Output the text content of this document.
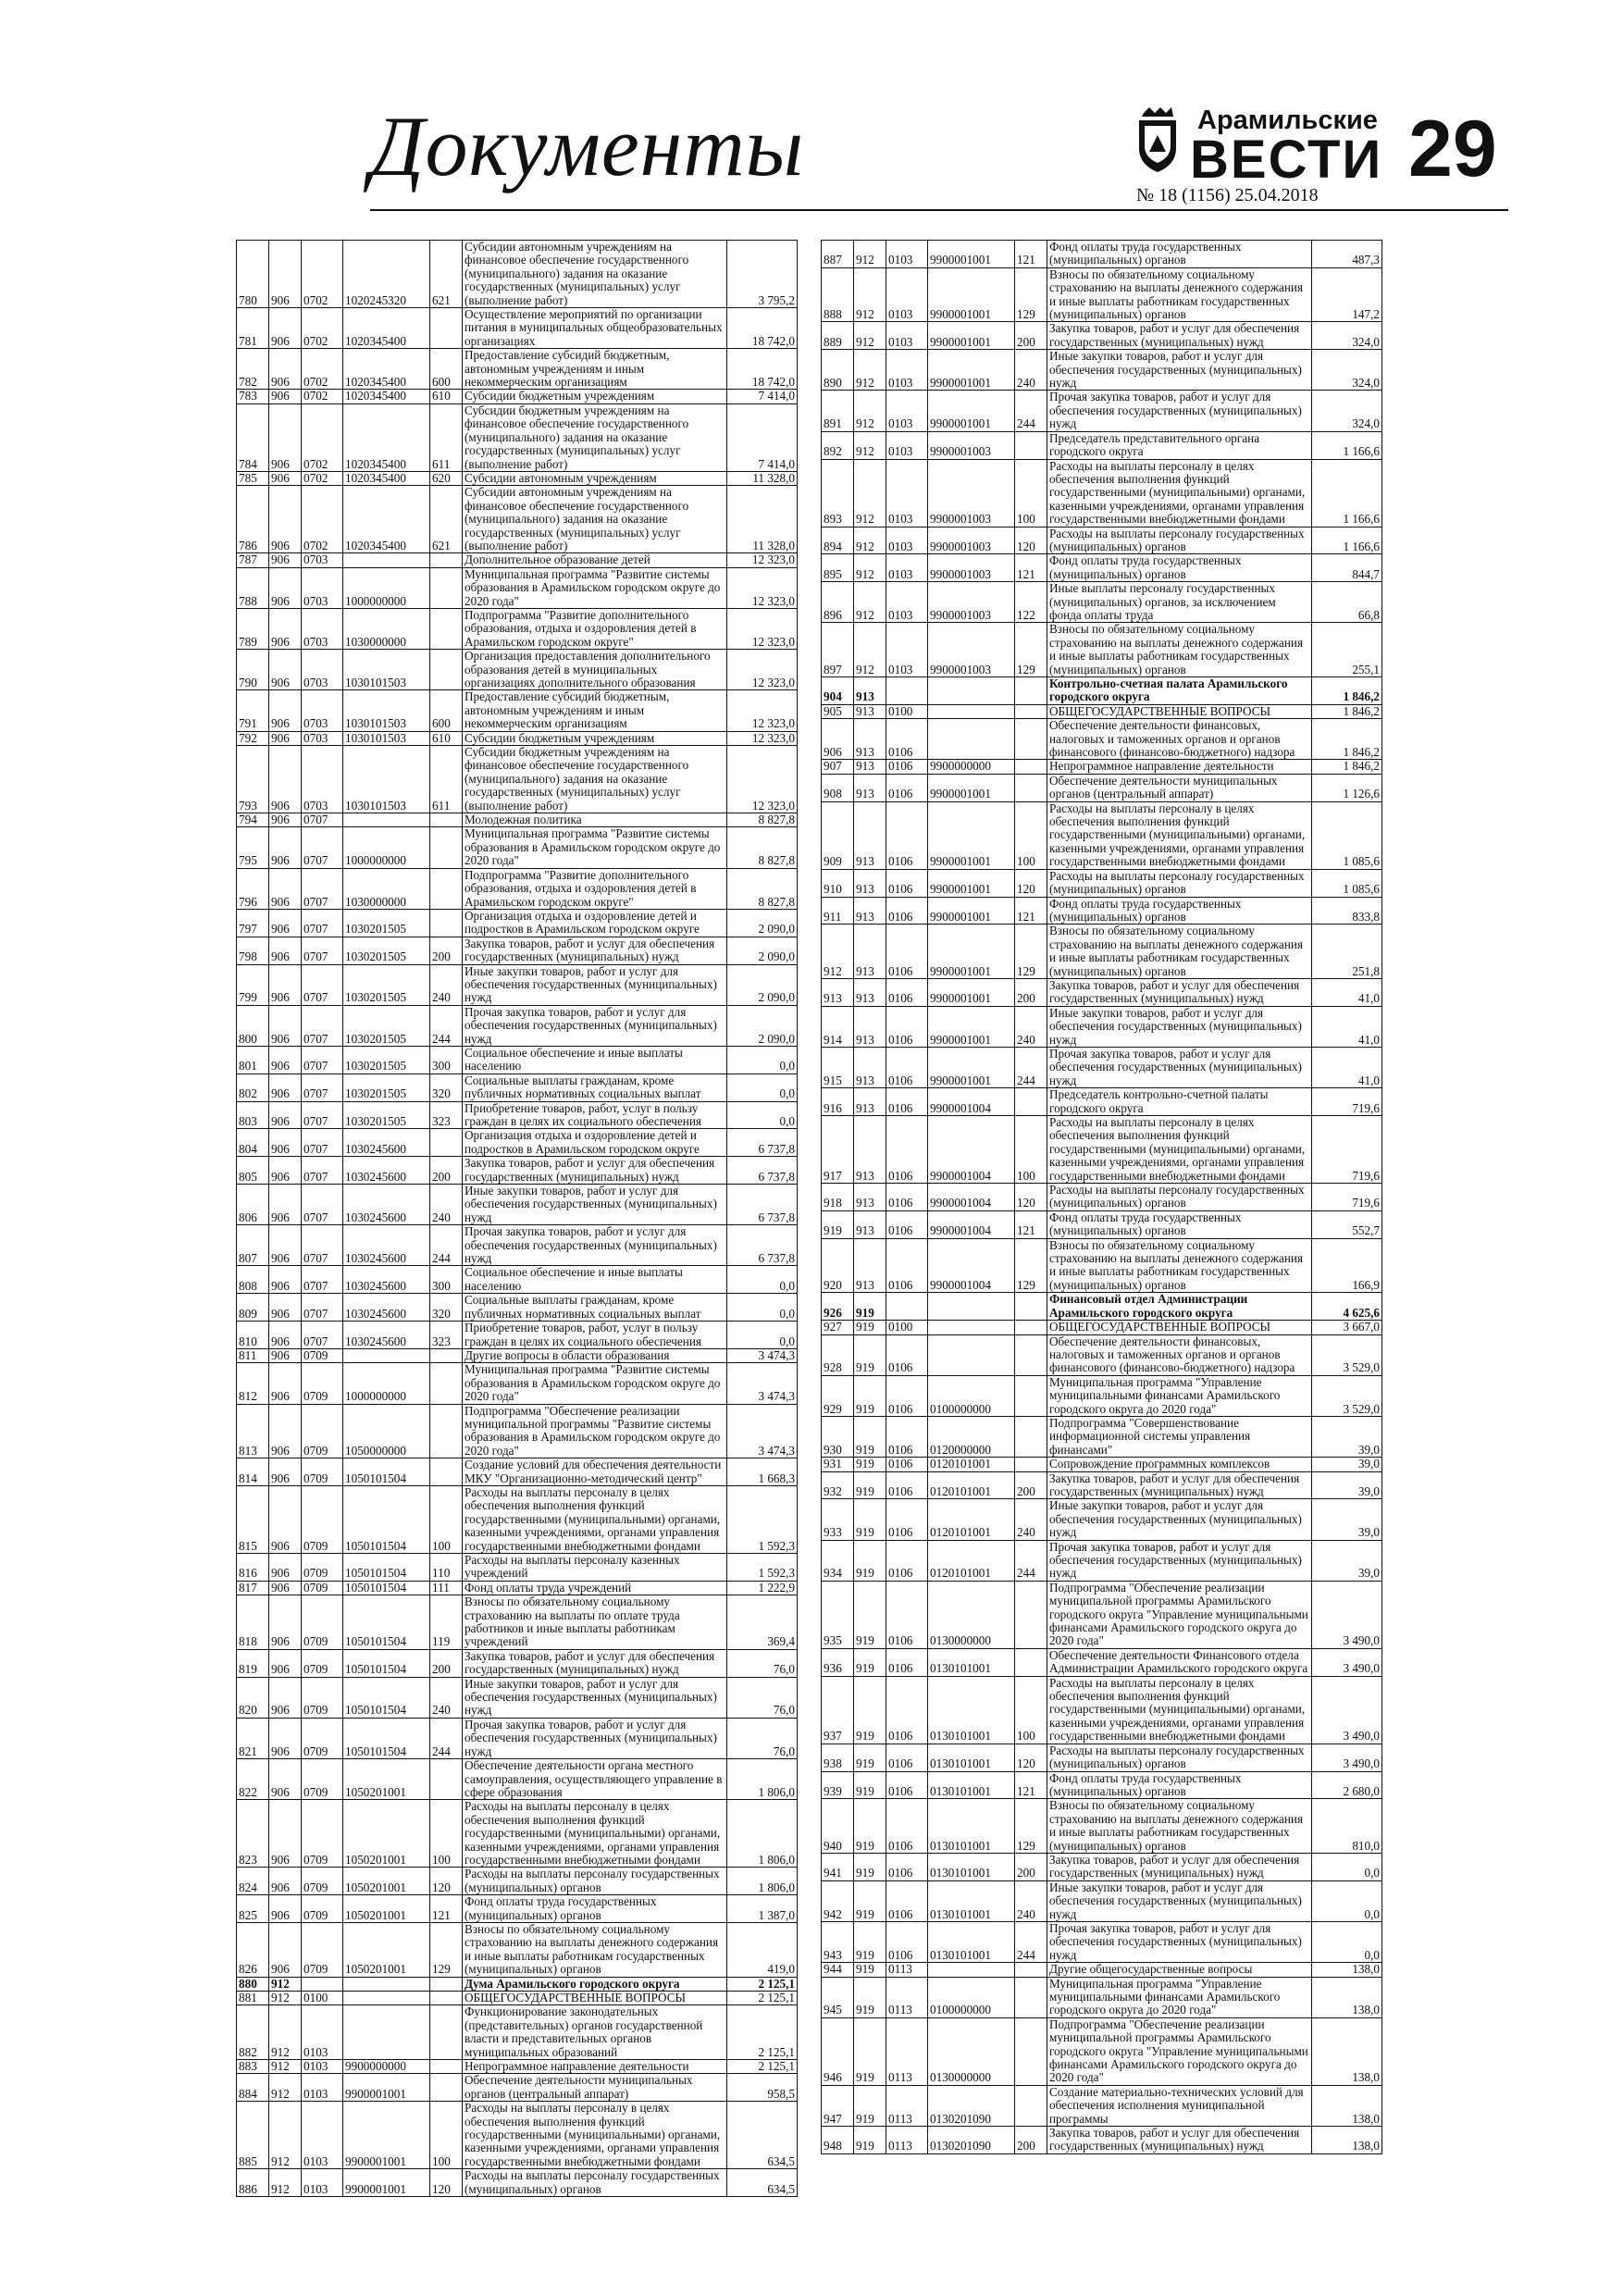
Документы	Арамильские
ВЕСТИ 29
№ 18 (1156) 25.04.2018
780	906	0702	1020245320	621	Субсидии автономным учреждениям на финансовое обеспечение государственного (муниципального) задания на оказание государственных (муниципальных) услуг (выполнение работ)	3 795,2
781	906	0702	1020345400		Осуществление мероприятий по организации питания в муниципальных общеобразовательных организациях	18 742,0
782	906	0702	1020345400	600	Предоставление субсидий бюджетным, автономным учреждениям и иным некоммерческим организациям	18 742,0
783	906	0702	1020345400	610	Субсидии бюджетным учреждениям	7 414,0
784	906	0702	1020345400	611	Субсидии бюджетным учреждениям на финансовое обеспечение государственного (муниципального) задания на оказание государственных (муниципальных) услуг (выполнение работ)	7 414,0
785	906	0702	1020345400	620	Субсидии автономным учреждениям	11 328,0
786	906	0702	1020345400	621	Субсидии автономным учреждениям на финансовое обеспечение государственного (муниципального) задания на оказание государственных (муниципальных) услуг (выполнение работ)	11 328,0
787	906	0703			Дополнительное образование детей	12 323,0
788	906	0703	1000000000		Муниципальная программа "Развитие системы образования в Арамильском городском округе до 2020 года"	12 323,0
789	906	0703	1030000000		Подпрограмма "Развитие дополнительного образования, отдыха и оздоровления детей в Арамильском городском округе"	12 323,0
790	906	0703	1030101503		Организация предоставления дополнительного образования детей в муниципальных организациях дополнительного образования	12 323,0
791	906	0703	1030101503	600	Предоставление субсидий бюджетным, автономным учреждениям и иным некоммерческим организациям	12 323,0
792	906	0703	1030101503	610	Субсидии бюджетным учреждениям	12 323,0
793	906	0703	1030101503	611	Субсидии бюджетным учреждениям на финансовое обеспечение государственного (муниципального) задания на оказание государственных (муниципальных) услуг (выполнение работ)	12 323,0
794	906	0707			Молодежная политика	8 827,8
795	906	0707	1000000000		Муниципальная программа "Развитие системы образования в Арамильском городском округе до 2020 года"	8 827,8
796	906	0707	1030000000		Подпрограмма "Развитие дополнительного образования, отдыха и оздоровления детей в Арамильском городском округе"	8 827,8
797	906	0707	1030201505		Организация отдыха и оздоровление детей и подростков в Арамильском городском округе	2 090,0
798	906	0707	1030201505	200	Закупка товаров, работ и услуг для обеспечения государственных (муниципальных) нужд	2 090,0
799	906	0707	1030201505	240	Иные закупки товаров, работ и услуг для обеспечения государственных (муниципальных) нужд	2 090,0
800	906	0707	1030201505	244	Прочая закупка товаров, работ и услуг для обеспечения государственных (муниципальных) нужд	2 090,0
801	906	0707	1030201505	300	Социальное обеспечение и иные выплаты населению	0,0
802	906	0707	1030201505	320	Социальные выплаты гражданам, кроме публичных нормативных социальных выплат	0,0
803	906	0707	1030201505	323	Приобретение товаров, работ, услуг в пользу граждан в целях их социального обеспечения	0,0
804	906	0707	1030245600		Организация отдыха и оздоровление детей и подростков в Арамильском городском округе	6 737,8
805	906	0707	1030245600	200	Закупка товаров, работ и услуг для обеспечения государственных (муниципальных) нужд	6 737,8
806	906	0707	1030245600	240	Иные закупки товаров, работ и услуг для обеспечения государственных (муниципальных) нужд	6 737,8
807	906	0707	1030245600	244	Прочая закупка товаров, работ и услуг для обеспечения государственных (муниципальных) нужд	6 737,8
808	906	0707	1030245600	300	Социальное обеспечение и иные выплаты населению	0,0
809	906	0707	1030245600	320	Социальные выплаты гражданам, кроме публичных нормативных социальных выплат	0,0
810	906	0707	1030245600	323	Приобретение товаров, работ, услуг в пользу граждан в целях их социального обеспечения	0,0
811	906	0709			Другие вопросы в области образования	3 474,3
812	906	0709	1000000000		Муниципальная программа "Развитие системы образования в Арамильском городском округе до 2020 года"	3 474,3
813	906	0709	1050000000		Подпрограмма "Обеспечение реализации муниципальной программы "Развитие системы образования в Арамильском городском округе до 2020 года"	3 474,3
814	906	0709	1050101504		Создание условий для обеспечения деятельности МКУ "Организационно-методический центр"	1 668,3
815	906	0709	1050101504	100	Расходы на выплаты персоналу в целях обеспечения выполнения функций государственными (муниципальными) органами, казенными учреждениями, органами управления государственными внебюджетными фондами	1 592,3
816	906	0709	1050101504	110	Расходы на выплаты персоналу казенных учреждений	1 592,3
817	906	0709	1050101504	111	Фонд оплаты труда учреждений	1 222,9
818	906	0709	1050101504	119	Взносы по обязательному социальному страхованию на выплаты по оплате труда работников и иные выплаты работникам учреждений	369,4
819	906	0709	1050101504	200	Закупка товаров, работ и услуг для обеспечения государственных (муниципальных) нужд	76,0
820	906	0709	1050101504	240	Иные закупки товаров, работ и услуг для обеспечения государственных (муниципальных) нужд	76,0
821	906	0709	1050101504	244	Прочая закупка товаров, работ и услуг для обеспечения государственных (муниципальных) нужд	76,0
822	906	0709	1050201001		Обеспечение деятельности органа местного самоуправления, осуществляющего управление в сфере образования	1 806,0
823	906	0709	1050201001	100	Расходы на выплаты персоналу в целях обеспечения выполнения функций государственными (муниципальными) органами, казенными учреждениями, органами управления государственными внебюджетными фондами	1 806,0
824	906	0709	1050201001	120	Расходы на выплаты персоналу государственных (муниципальных) органов	1 806,0
825	906	0709	1050201001	121	Фонд оплаты труда государственных (муниципальных) органов	1 387,0
826	906	0709	1050201001	129	Взносы по обязательному социальному страхованию на выплаты денежного содержания и иные выплаты работникам государственных (муниципальных) органов	419,0
880	912				Дума Арамильского городского округа	2 125,1
881	912	0100			ОБЩЕГОСУДАРСТВЕННЫЕ ВОПРОСЫ	2 125,1
882	912	0103			Функционирование законодательных (представительных) органов государственной власти и представительных органов муниципальных образований	2 125,1
883	912	0103	9900000000		Непрограммное направление деятельности	2 125,1
884	912	0103	9900001001		Обеспечение деятельности муниципальных органов (центральный аппарат)	958,5
885	912	0103	9900001001	100	Расходы на выплаты персоналу в целях обеспечения выполнения функций государственными (муниципальными) органами, казенными учреждениями, органами управления государственными внебюджетными фондами	634,5
886	912	0103	9900001001	120	Расходы на выплаты персоналу государственных (муниципальных) органов	634,5
887	912	0103	9900001001	121	Фонд оплаты труда государственных (муниципальных) органов	487,3
888	912	0103	9900001001	129	Взносы по обязательному социальному страхованию на выплаты денежного содержания и иные выплаты работникам государственных (муниципальных) органов	147,2
889	912	0103	9900001001	200	Закупка товаров, работ и услуг для обеспечения государственных (муниципальных) нужд	324,0
890	912	0103	9900001001	240	Иные закупки товаров, работ и услуг для обеспечения государственных (муниципальных) нужд	324,0
891	912	0103	9900001001	244	Прочая закупка товаров, работ и услуг для обеспечения государственных (муниципальных) нужд	324,0
892	912	0103	9900001003		Председатель представительного органа городского округа	1 166,6
893	912	0103	9900001003	100	Расходы на выплаты персоналу в целях обеспечения выполнения функций государственными (муниципальными) органами, казенными учреждениями, органами управления государственными внебюджетными фондами	1 166,6
894	912	0103	9900001003	120	Расходы на выплаты персоналу государственных (муниципальных) органов	1 166,6
895	912	0103	9900001003	121	Фонд оплаты труда государственных (муниципальных) органов	844,7
896	912	0103	9900001003	122	Иные выплаты персоналу государственных (муниципальных) органов, за исключением фонда оплаты труда	66,8
897	912	0103	9900001003	129	Взносы по обязательному социальному страхованию на выплаты денежного содержания и иные выплаты работникам государственных (муниципальных) органов	255,1
904	913				Контрольно-счетная палата Арамильского городского округа	1 846,2
905	913	0100			ОБЩЕГОСУДАРСТВЕННЫЕ ВОПРОСЫ	1 846,2
906	913	0106			Обеспечение деятельности финансовых, налоговых и таможенных органов и органов финансового (финансово-бюджетного) надзора	1 846,2
907	913	0106	9900000000		Непрограммное направление деятельности	1 846,2
908	913	0106	9900001001		Обеспечение деятельности муниципальных органов (центральный аппарат)	1 126,6
909	913	0106	9900001001	100	Расходы на выплаты персоналу в целях обеспечения выполнения функций государственными (муниципальными) органами, казенными учреждениями, органами управления государственными внебюджетными фондами	1 085,6
910	913	0106	9900001001	120	Расходы на выплаты персоналу государственных (муниципальных) органов	1 085,6
911	913	0106	9900001001	121	Фонд оплаты труда государственных (муниципальных) органов	833,8
912	913	0106	9900001001	129	Взносы по обязательному социальному страхованию на выплаты денежного содержания и иные выплаты работникам государственных (муниципальных) органов	251,8
913	913	0106	9900001001	200	Закупка товаров, работ и услуг для обеспечения государственных (муниципальных) нужд	41,0
914	913	0106	9900001001	240	Иные закупки товаров, работ и услуг для обеспечения государственных (муниципальных) нужд	41,0
915	913	0106	9900001001	244	Прочая закупка товаров, работ и услуг для обеспечения государственных (муниципальных) нужд	41,0
916	913	0106	9900001004		Председатель контрольно-счетной палаты городского округа	719,6
917	913	0106	9900001004	100	Расходы на выплаты персоналу в целях обеспечения выполнения функций государственными (муниципальными) органами, казенными учреждениями, органами управления государственными внебюджетными фондами	719,6
918	913	0106	9900001004	120	Расходы на выплаты персоналу государственных (муниципальных) органов	719,6
919	913	0106	9900001004	121	Фонд оплаты труда государственных (муниципальных) органов	552,7
920	913	0106	9900001004	129	Взносы по обязательному социальному страхованию на выплаты денежного содержания и иные выплаты работникам государственных (муниципальных) органов	166,9
926	919				Финансовый отдел Администрации Арамильского городского округа	4 625,6
927	919	0100			ОБЩЕГОСУДАРСТВЕННЫЕ ВОПРОСЫ	3 667,0
928	919	0106			Обеспечение деятельности финансовых, налоговых и таможенных органов и органов финансового (финансово-бюджетного) надзора	3 529,0
929	919	0106	0100000000		Муниципальная программа "Управление муниципальными финансами Арамильского городского округа до 2020 года"	3 529,0
930	919	0106	0120000000		Подпрограмма "Совершенствование информационной системы управления финансами"	39,0
931	919	0106	0120101001		Сопровождение программных комплексов	39,0
932	919	0106	0120101001	200	Закупка товаров, работ и услуг для обеспечения государственных (муниципальных) нужд	39,0
933	919	0106	0120101001	240	Иные закупки товаров, работ и услуг для обеспечения государственных (муниципальных) нужд	39,0
934	919	0106	0120101001	244	Прочая закупка товаров, работ и услуг для обеспечения государственных (муниципальных) нужд	39,0
935	919	0106	0130000000		Подпрограмма "Обеспечение реализации муниципальной программы Арамильского городского округа "Управление муниципальными финансами Арамильского городского округа до 2020 года"	3 490,0
936	919	0106	0130101001		Обеспечение деятельности Финансового отдела Администрации Арамильского городского округа	3 490,0
937	919	0106	0130101001	100	Расходы на выплаты персоналу в целях обеспечения выполнения функций государственными (муниципальными) органами, казенными учреждениями, органами управления государственными внебюджетными фондами	3 490,0
938	919	0106	0130101001	120	Расходы на выплаты персоналу государственных (муниципальных) органов	3 490,0
939	919	0106	0130101001	121	Фонд оплаты труда государственных (муниципальных) органов	2 680,0
940	919	0106	0130101001	129	Взносы по обязательному социальному страхованию на выплаты денежного содержания и иные выплаты работникам государственных (муниципальных) органов	810,0
941	919	0106	0130101001	200	Закупка товаров, работ и услуг для обеспечения государственных (муниципальных) нужд	0,0
942	919	0106	0130101001	240	Иные закупки товаров, работ и услуг для обеспечения государственных (муниципальных) нужд	0,0
943	919	0106	0130101001	244	Прочая закупка товаров, работ и услуг для обеспечения государственных (муниципальных) нужд	0,0
944	919	0113			Другие общегосударственные вопросы	138,0
945	919	0113	0100000000		Муниципальная программа "Управление муниципальными финансами Арамильского городского округа до 2020 года"	138,0
946	919	0113	0130000000		Подпрограмма "Обеспечение реализации муниципальной программы Арамильского городского округа "Управление муниципальными финансами Арамильского городского округа до 2020 года"	138,0
947	919	0113	0130201090		Создание материально-технических условий для обеспечения исполнения муниципальной программы	138,0
948	919	0113	0130201090	200	Закупка товаров, работ и услуг для обеспечения государственных (муниципальных) нужд	138,0
